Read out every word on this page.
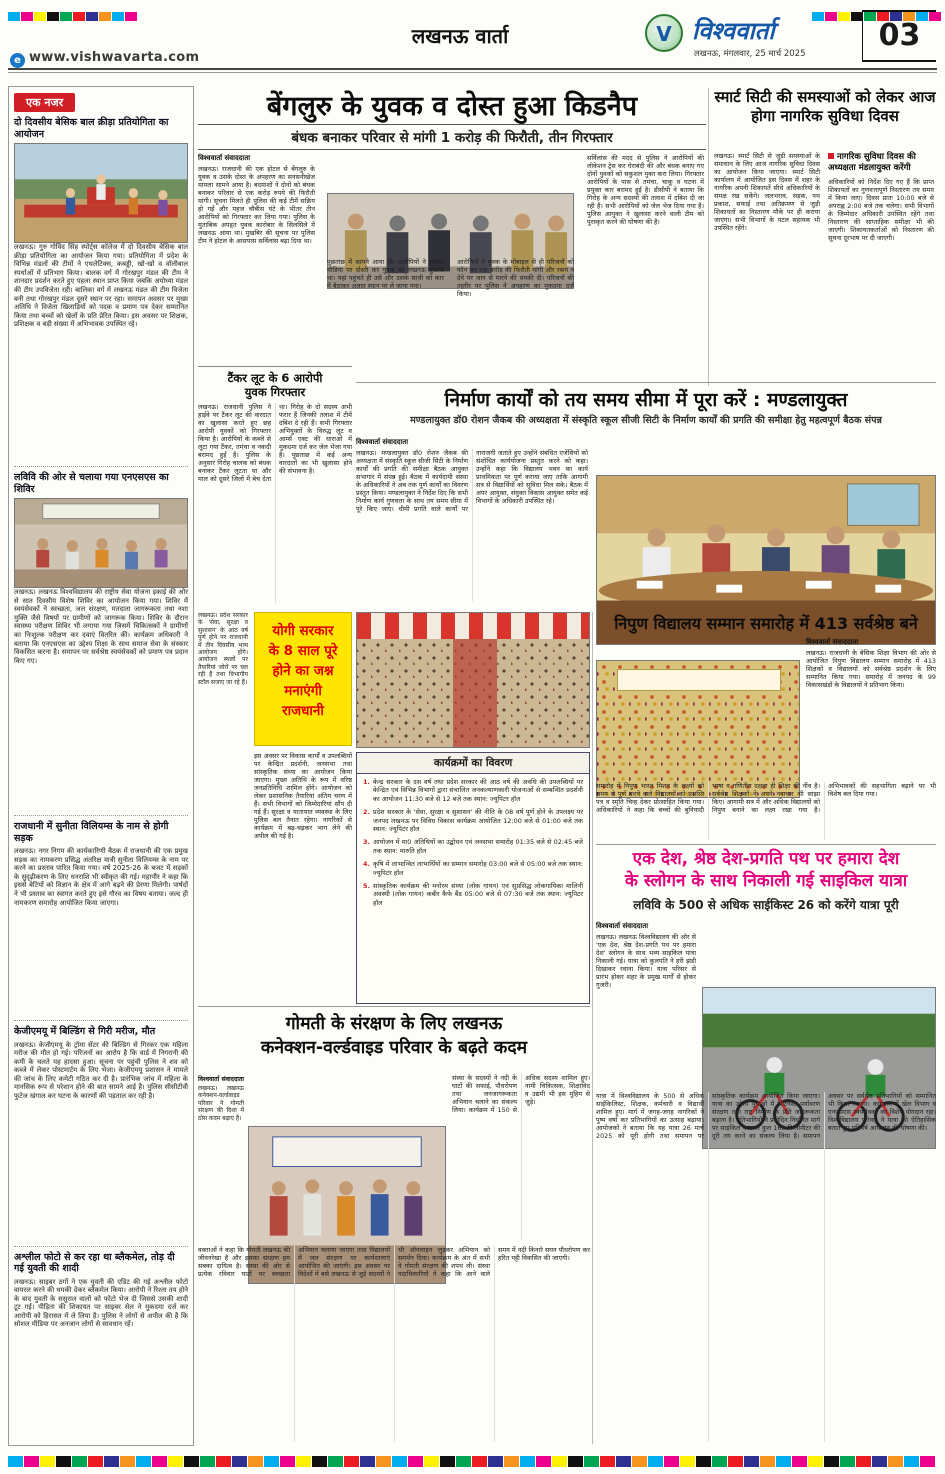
लखनऊ वार्ता
e www.vishwavarta.com
V विश्ववार्ता
लखनऊ, मंगलवार, 25 मार्च 2025
03
एक नजर
दो दिवसीय बेसिक बाल क्रीड़ा प्रतियोगिता का आयोजन
लखनऊ। गुरु गोविंद सिंह स्पोर्ट्स कॉलेज में दो दिवसीय बेसिक बाल क्रीड़ा प्रतियोगिता का आयोजन किया गया। प्रतियोगिता में प्रदेश के विभिन्न मंडलों की टीमों ने एथलेटिक्स, कबड्डी, खो-खो व वॉलीबाल स्पर्धाओं में प्रतिभाग किया। बालक वर्ग में गोरखपुर मंडल की टीम ने शानदार प्रदर्शन करते हुए पहला स्थान प्राप्त किया जबकि अयोध्या मंडल की टीम उपविजेता रही। बालिका वर्ग में लखनऊ मंडल की टीम विजेता बनी तथा गोरखपुर मंडल दूसरे स्थान पर रहा। समापन अवसर पर मुख्य अतिथि ने विजेता खिलाड़ियों को पदक व प्रमाण पत्र देकर सम्मानित किया तथा बच्चों को खेलों के प्रति प्रेरित किया। इस अवसर पर शिक्षक, प्रशिक्षक व बड़ी संख्या में अभिभावक उपस्थित रहे।
लविवि की ओर से चलाया गया एनएसएस का शिविर
लखनऊ। लखनऊ विश्वविद्यालय की राष्ट्रीय सेवा योजना इकाई की ओर से सात दिवसीय विशेष शिविर का आयोजन किया गया। शिविर में स्वयंसेवकों ने स्वच्छता, जल संरक्षण, मतदाता जागरूकता तथा नशा मुक्ति जैसे विषयों पर ग्रामीणों को जागरूक किया। शिविर के दौरान स्वास्थ्य परीक्षण शिविर भी लगाया गया जिसमें चिकित्सकों ने ग्रामीणों का निःशुल्क परीक्षण कर दवाएं वितरित कीं। कार्यक्रम अधिकारी ने बताया कि एनएसएस का उद्देश्य शिक्षा के साथ समाज सेवा के संस्कार विकसित करना है। समापन पर सर्वश्रेष्ठ स्वयंसेवकों को प्रमाण पत्र प्रदान किए गए।
राजधानी में सुनीता विलियम्स के नाम से होगी सड़क
लखनऊ। नगर निगम की कार्यकारिणी बैठक में राजधानी की एक प्रमुख सड़क का नामकरण प्रसिद्ध अंतरिक्ष यात्री सुनीता विलियम्स के नाम पर करने का प्रस्ताव पारित किया गया। वर्ष 2025-26 के बजट में सड़कों के सुदृढ़ीकरण के लिए धनराशि भी स्वीकृत की गई। महापौर ने कहा कि इससे बेटियों को विज्ञान के क्षेत्र में आगे बढ़ने की प्रेरणा मिलेगी। पार्षदों ने भी प्रस्ताव का स्वागत करते हुए इसे गौरव का विषय बताया। जल्द ही नामकरण समारोह आयोजित किया जाएगा।
केजीएमयू में बिल्डिंग से गिरी मरीज, मौत
लखनऊ। केजीएमयू के ट्रॉमा सेंटर की बिल्डिंग से गिरकर एक महिला मरीज की मौत हो गई। परिजनों का आरोप है कि वार्ड में निगरानी की कमी के चलते यह हादसा हुआ। सूचना पर पहुंची पुलिस ने शव को कब्जे में लेकर पोस्टमार्टम के लिए भेजा। केजीएमयू प्रशासन ने मामले की जांच के लिए कमेटी गठित कर दी है। प्रारंभिक जांच में महिला के मानसिक रूप से परेशान होने की बात सामने आई है। पुलिस सीसीटीवी फुटेज खंगाल कर घटना के कारणों की पड़ताल कर रही है।
अश्लील फोटो से कर रहा था ब्लैकमेल, तोड़ दी गई युवती की शादी
लखनऊ। साइबर ठगों ने एक युवती की एडिट की गई अश्लील फोटो वायरल करने की धमकी देकर ब्लैकमेल किया। आरोपी ने रिश्ता तय होने के बाद युवती के ससुराल वालों को फोटो भेज दी जिससे उसकी शादी टूट गई। पीड़िता की शिकायत पर साइबर सेल ने मुकदमा दर्ज कर आरोपी को हिरासत में ले लिया है। पुलिस ने लोगों से अपील की है कि सोशल मीडिया पर अनजान लोगों से सावधान रहें।
बेंगलुरु के युवक व दोस्त हुआ किडनैप
बंधक बनाकर परिवार से मांगी 1 करोड़ की फिरौती, तीन गिरफ्तार
विश्ववार्ता संवाददाता
लखनऊ। राजधानी की एक होटल से बेंगलुरु के युवक व उसके दोस्त के अपहरण का सनसनीखेज मामला सामने आया है। बदमाशों ने दोनों को बंधक बनाकर परिवार से एक करोड़ रुपये की फिरौती मांगी। सूचना मिलते ही पुलिस की कई टीमें सक्रिय हो गईं और महज चौबीस घंटे के भीतर तीन आरोपियों को गिरफ्तार कर लिया गया। पुलिस के मुताबिक अपहृत युवक कारोबार के सिलसिले में लखनऊ आया था। मुखबिर की सूचना पर पुलिस टीम ने होटल के आसपास सर्विलांस बढ़ा दिया था।
पूछताछ में सामने आया कि आरोपियों ने सोशल मीडिया पर दोस्ती कर युवक को लखनऊ बुलाया था। यहां पहुंचते ही उसे और उसके साथी को कार में बैठाकर अज्ञात स्थान पर ले जाया गया।
आरोपियों ने युवक के मोबाइल से ही परिजनों को फोन कर एक करोड़ की फिरौती मांगी और रकम न देने पर जान से मारने की धमकी दी। परिजनों की तहरीर पर पुलिस ने अपहरण का मुकदमा दर्ज किया।
सर्विलांस की मदद से पुलिस ने आरोपियों की लोकेशन ट्रेस कर घेराबंदी की और बंधक बनाए गए दोनों युवकों को सकुशल मुक्त करा लिया। गिरफ्तार आरोपियों के पास से तमंचा, चाकू व घटना में प्रयुक्त कार बरामद हुई है। डीसीपी ने बताया कि गिरोह के अन्य सदस्यों की तलाश में दबिश दी जा रही है। सभी आरोपियों को जेल भेज दिया गया है। पुलिस आयुक्त ने खुलासा करने वाली टीम को पुरस्कृत करने की घोषणा की है।
स्मार्ट सिटी की समस्याओं को लेकर आज होगा नागरिक सुविधा दिवस
लखनऊ। स्मार्ट सिटी से जुड़ी समस्याओं के समाधान के लिए आज नागरिक सुविधा दिवस का आयोजन किया जाएगा। स्मार्ट सिटी कार्यालय में आयोजित इस दिवस में शहर के नागरिक अपनी शिकायतें सीधे अधिकारियों के समक्ष रख सकेंगे। जलभराव, सड़क, पथ प्रकाश, सफाई तथा अतिक्रमण से जुड़ी शिकायतों का निस्तारण मौके पर ही कराया जाएगा। सभी विभागों के पटल सहायक भी उपस्थित रहेंगे।
नागरिक सुविधा दिवस की अध्यक्षता मंडलायुक्त करेंगी
अधिकारियों को निर्देश दिए गए हैं कि प्राप्त शिकायतों का गुणवत्तापूर्ण निस्तारण तय समय में किया जाए। दिवस प्रातः 10:00 बजे से अपराह्न 2:00 बजे तक चलेगा। सभी विभागों के जिम्मेदार अधिकारी उपस्थित रहेंगे तथा निस्तारण की साप्ताहिक समीक्षा भी की जाएगी। शिकायतकर्ताओं को निस्तारण की सूचना दूरभाष पर दी जाएगी।
टैंकर लूट के 6 आरोपी
युवक गिरफ्तार
लखनऊ। राजधानी पुलिस ने हाईवे पर टैंकर लूट की वारदात का खुलासा करते हुए छह आरोपी युवकों को गिरफ्तार किया है। आरोपियों के कब्जे से लूटा गया टैंकर, तमंचा व नकदी बरामद हुई है। पुलिस के अनुसार गिरोह चालक को बंधक बनाकर टैंकर लूटता था और माल को दूसरे जिलों में बेच देता था। गिरोह के दो सदस्य अभी फरार हैं जिनकी तलाश में टीमें दबिश दे रही हैं। सभी गिरफ्तार अभियुक्तों के विरुद्ध लूट व आर्म्स एक्ट की धाराओं में मुकदमा दर्ज कर जेल भेजा गया है। पूछताछ में कई अन्य वारदातों का भी खुलासा होने की संभावना है।
निर्माण कार्यों को तय समय सीमा में पूरा करें : मण्डलायुक्त
मण्डलायुक्त डॉ0 रोशन जैकब की अध्यक्षता में संस्कृति स्कूल सीजी सिटी के निर्माण कार्यों की प्रगति की समीक्षा हेतु महत्वपूर्ण बैठक संपन्न
विश्ववार्ता संवाददाता
लखनऊ। मण्डलायुक्त डॉ0 रोशन जैकब की अध्यक्षता में संस्कृति स्कूल सीजी सिटी के निर्माण कार्यों की प्रगति की समीक्षा बैठक आयुक्त सभागार में संपन्न हुई। बैठक में कार्यदायी संस्था के अधिकारियों ने अब तक पूर्ण कार्यों का विवरण प्रस्तुत किया। मण्डलायुक्त ने निर्देश दिए कि सभी निर्माण कार्य गुणवत्ता के साथ तय समय सीमा में पूरे किए जाएं। धीमी प्रगति वाले कार्यों पर नाराजगी जताते हुए उन्होंने संबंधित एजेंसियों को संशोधित कार्ययोजना प्रस्तुत करने को कहा। उन्होंने कहा कि विद्यालय भवन का कार्य प्राथमिकता पर पूर्ण कराया जाए ताकि आगामी सत्र से विद्यार्थियों को सुविधा मिल सके। बैठक में अपर आयुक्त, संयुक्त विकास आयुक्त समेत कई विभागों के अधिकारी उपस्थित रहे।
लखनऊ। प्रदेश सरकार के 'सेवा, सुरक्षा व सुशासन' के आठ वर्ष पूर्ण होने पर राजधानी में तीन दिवसीय भव्य आयोजन होंगे। आयोजन स्थलों पर तैयारियां जोरों पर चल रही हैं तथा विभागीय स्टॉल सजाए जा रहे हैं।
योगी सरकार
के 8 साल पूरे
होने का जश्न
मनाएंगी
राजधानी
इस अवसर पर विकास कार्यों व उपलब्धियों पर केन्द्रित प्रदर्शनी, जनसभा तथा सांस्कृतिक संध्या का आयोजन किया जाएगा। मुख्य अतिथि के रूप में वरिष्ठ जनप्रतिनिधि शामिल होंगे। आयोजन को लेकर प्रशासनिक तैयारियां अंतिम चरण में हैं। सभी विभागों को जिम्मेदारियां सौंप दी गई हैं। सुरक्षा व यातायात व्यवस्था के लिए पुलिस बल तैनात रहेगा। नागरिकों से कार्यक्रम में बढ़-चढ़कर भाग लेने की अपील की गई है।
कार्यक्रमों का विवरण
केन्द्र सरकार के दस वर्ष तथा प्रदेश सरकार की आठ वर्ष की अवधि की उपलब्धियों पर केन्द्रित एवं विभिन्न विभागों द्वारा संचालित जनकल्याणकारी योजनाओं से सम्बन्धित प्रदर्शनी का आयोजन 11:30 बजे से 12 बजे तक स्थान: ज्यूपिटर हॉल
प्रदेश सरकार के 'सेवा, सुरक्षा व सुशासन' की नीति के 08 वर्ष पूर्ण होने के उपलक्ष्य पर जनपद लखनऊ पर विविध विकास कार्यक्रम आयोजित 12:00 बजे से 01:00 बजे तक स्थान: ज्यूपिटर हॉल
आयोजन में मा0 अतिथियों का उद्बोधन एवं जनसभा समारोह 01:35 बजे से 02:45 बजे तक स्थान: मारुति हॉल
कृषि में लाभान्वित लाभार्थियों का सम्मान समारोह 03:00 बजे से 05:00 बजे तक स्थान: ज्यूपिटर हॉल
सांस्कृतिक कार्यक्रम की मनोरम संध्या (लोक गायन) एवं सुप्रसिद्ध लोकगायिका मालिनी अवस्थी (लोक गायन) कबीर कैफे बैंड 05:00 बजे से 07:30 बजे तक स्थान: ज्यूपिटर हॉल
निपुण विद्यालय सम्मान समारोह में 413 सर्वश्रेष्ठ बने
विश्ववार्ता संवाददाता
लखनऊ। राजधानी के बेसिक शिक्षा विभाग की ओर से आयोजित निपुण विद्यालय सम्मान समारोह में 413 शिक्षकों व विद्यालयों को सर्वश्रेष्ठ प्रदर्शन के लिए सम्मानित किया गया। समारोह में जनपद के 99 विकासखंडों के विद्यालयों ने प्रतिभाग किया।
समारोह में निपुण भारत मिशन के लक्ष्यों को समय से पूर्ण करने वाले विद्यालयों को प्रशस्ति पत्र व स्मृति चिन्ह देकर प्रोत्साहित किया गया। अधिकारियों ने कहा कि बच्चों की बुनियादी भाषा व गणितीय दक्षता ही शिक्षा की नींव है। सर्वश्रेष्ठ शिक्षकों ने अपने नवाचार भी साझा किए। आगामी सत्र में और अधिक विद्यालयों को निपुण बनाने का लक्ष्य रखा गया है। अभिभावकों की सहभागिता बढ़ाने पर भी विशेष बल दिया गया।
एक देश, श्रेष्ठ देश-प्रगति पथ पर हमारा देश
के स्लोगन के साथ निकाली गई साइकिल यात्रा
लविवि के 500 से अधिक साईकिस्ट 26 को करेंगे यात्रा पूरी
विश्ववार्ता संवाददाता
लखनऊ। लखनऊ विश्वविद्यालय की ओर से 'एक देश, श्रेष्ठ देश-प्रगति पथ पर हमारा देश' स्लोगन के साथ भव्य साइकिल यात्रा निकाली गई। यात्रा को कुलपति ने हरी झंडी दिखाकर रवाना किया। यात्रा परिसर से प्रारंभ होकर शहर के प्रमुख मार्गों से होकर गुजरी।
यात्रा में विश्वविद्यालय के 500 से अधिक साईकिलिस्ट, शिक्षक, कर्मचारी व विद्यार्थी शामिल हुए। मार्ग में जगह-जगह नागरिकों ने पुष्प वर्षा कर प्रतिभागियों का उत्साह बढ़ाया। आयोजकों ने बताया कि यह यात्रा 26 मार्च 2025 को पूरी होगी तथा समापन पर सांस्कृतिक कार्यक्रम आयोजित किया जाएगा। यात्रा का उद्देश्य युवाओं में फिटनेस, पर्यावरण संरक्षण तथा राष्ट्र निर्माण के प्रति जागरूकता बढ़ाना है। प्रतिभागियों ने प्रतिदिन निर्धारित मार्ग पर साइकिल चलाकर कुल 160 किलोमीटर की दूरी तय करने का संकल्प लिया है। समापन अवसर पर सर्वश्रेष्ठ प्रतिभागियों को सम्मानित भी किया जाएगा। कार्यक्रम में खेल विभाग व एनएसएस स्वयंसेवकों का विशेष योगदान रहा। विश्वविद्यालय परिवार ने यात्रा को ऐतिहासिक बताते हुए प्रतिवर्ष आयोजन की घोषणा की।
गोमती के संरक्षण के लिए लखनऊ
कनेक्शन-वर्ल्डवाइड परिवार के बढ़ते कदम
विश्ववार्ता संवाददाता
लखनऊ। लखनऊ कनेक्शन-वर्ल्डवाइड परिवार ने गोमती संरक्षण की दिशा में ठोस कदम बढ़ाए हैं।
संस्था के सदस्यों ने नदी के घाटों की सफाई, पौधरोपण तथा जनजागरूकता अभियान चलाने का संकल्प लिया। कार्यक्रम में 150 से अधिक सदस्य शामिल हुए। नामी चिकित्सक, शिक्षाविद व उद्यमी भी इस मुहिम से जुड़े।
वक्ताओं ने कहा कि गोमती लखनऊ की जीवनरेखा है और इसका संरक्षण हम सबका दायित्व है। संस्था की ओर से प्रत्येक रविवार घाटों पर स्वच्छता अभियान चलाया जाएगा तथा विद्यालयों में जल संरक्षण पर कार्यशालाएं आयोजित की जाएंगी। इस अवसर पर विदेशों में बसे लखनऊ से जुड़े सदस्यों ने भी ऑनलाइन जुड़कर अभियान को समर्थन दिया। कार्यक्रम के अंत में सभी ने गोमती संरक्षण की शपथ ली। संस्था पदाधिकारियों ने कहा कि आने वाले समय में नदी किनारे सघन पौधरोपण कर हरित पट्टी विकसित की जाएगी।
